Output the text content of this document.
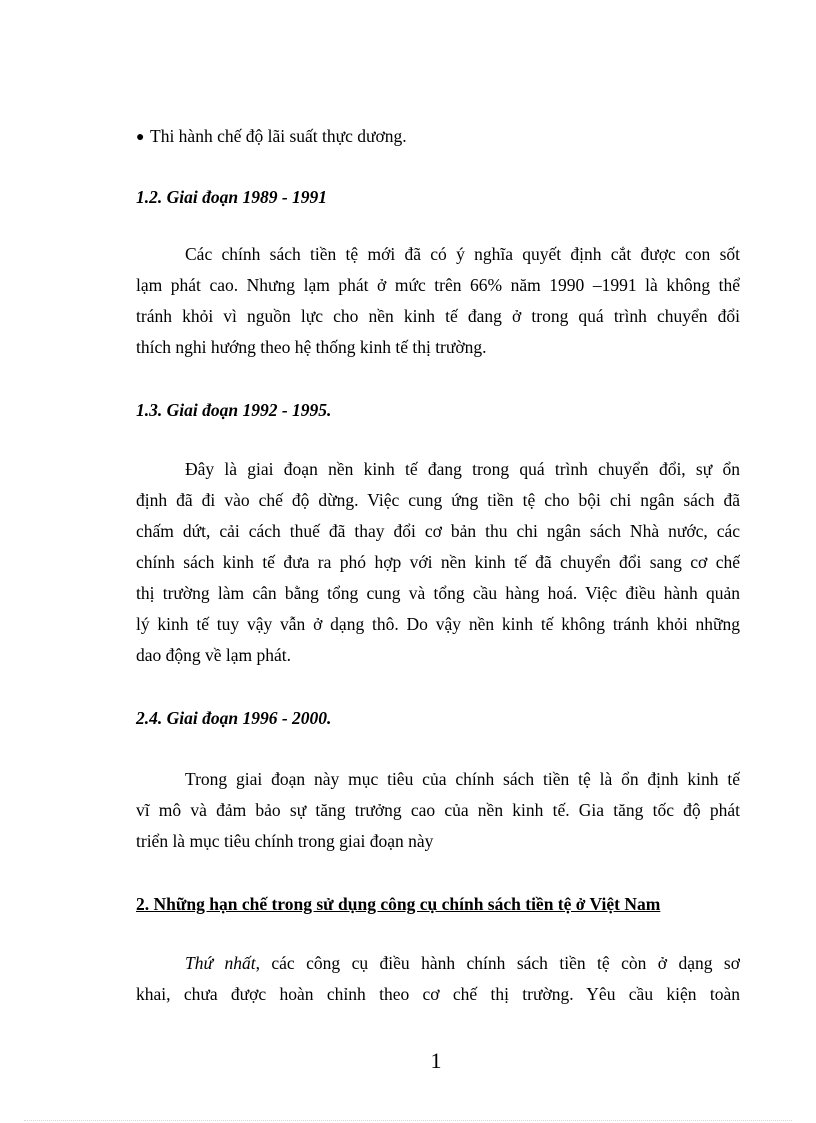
● Thi hành chế độ lãi suất thực dương.
1.2. Giai đoạn 1989 - 1991
Các chính sách tiền tệ mới đã có ý nghĩa quyết định cắt được con sốt
lạm phát cao. Nhưng lạm phát ở mức trên 66% năm 1990 –1991 là không thể
tránh khỏi vì nguồn lực cho nền kinh tế đang ở trong quá trình chuyển đổi
thích nghi hướng theo hệ thống kinh tế thị trường.
1.3. Giai đoạn 1992 - 1995.
Đây là giai đoạn nền kinh tế đang trong quá trình chuyển đổi, sự ổn
định đã đi vào chế độ dừng. Việc cung ứng tiền tệ cho bội chi ngân sách đã
chấm dứt, cải cách thuế đã thay đổi cơ bản thu chi ngân sách Nhà nước, các
chính sách kinh tế đưa ra phó hợp với nền kinh tế đã chuyển đổi sang cơ chế
thị trường làm cân bằng tổng cung và tổng cầu hàng hoá. Việc điều hành quản
lý kinh tế tuy vậy vẫn ở dạng thô. Do vậy nền kinh tế không tránh khỏi những
dao động về lạm phát.
2.4. Giai đoạn 1996 - 2000.
Trong giai đoạn này mục tiêu của chính sách tiền tệ là ổn định kinh tế
vĩ mô và đảm bảo sự tăng trưởng cao của nền kinh tế. Gia tăng tốc độ phát
triển là mục tiêu chính trong giai đoạn này
2. Những hạn chế trong sử dụng công cụ chính sách tiền tệ ở Việt Nam
Thứ nhất, các công cụ điều hành chính sách tiền tệ còn ở dạng sơ
khai, chưa được hoàn chỉnh theo cơ chế thị trường. Yêu cầu kiện toàn
1
